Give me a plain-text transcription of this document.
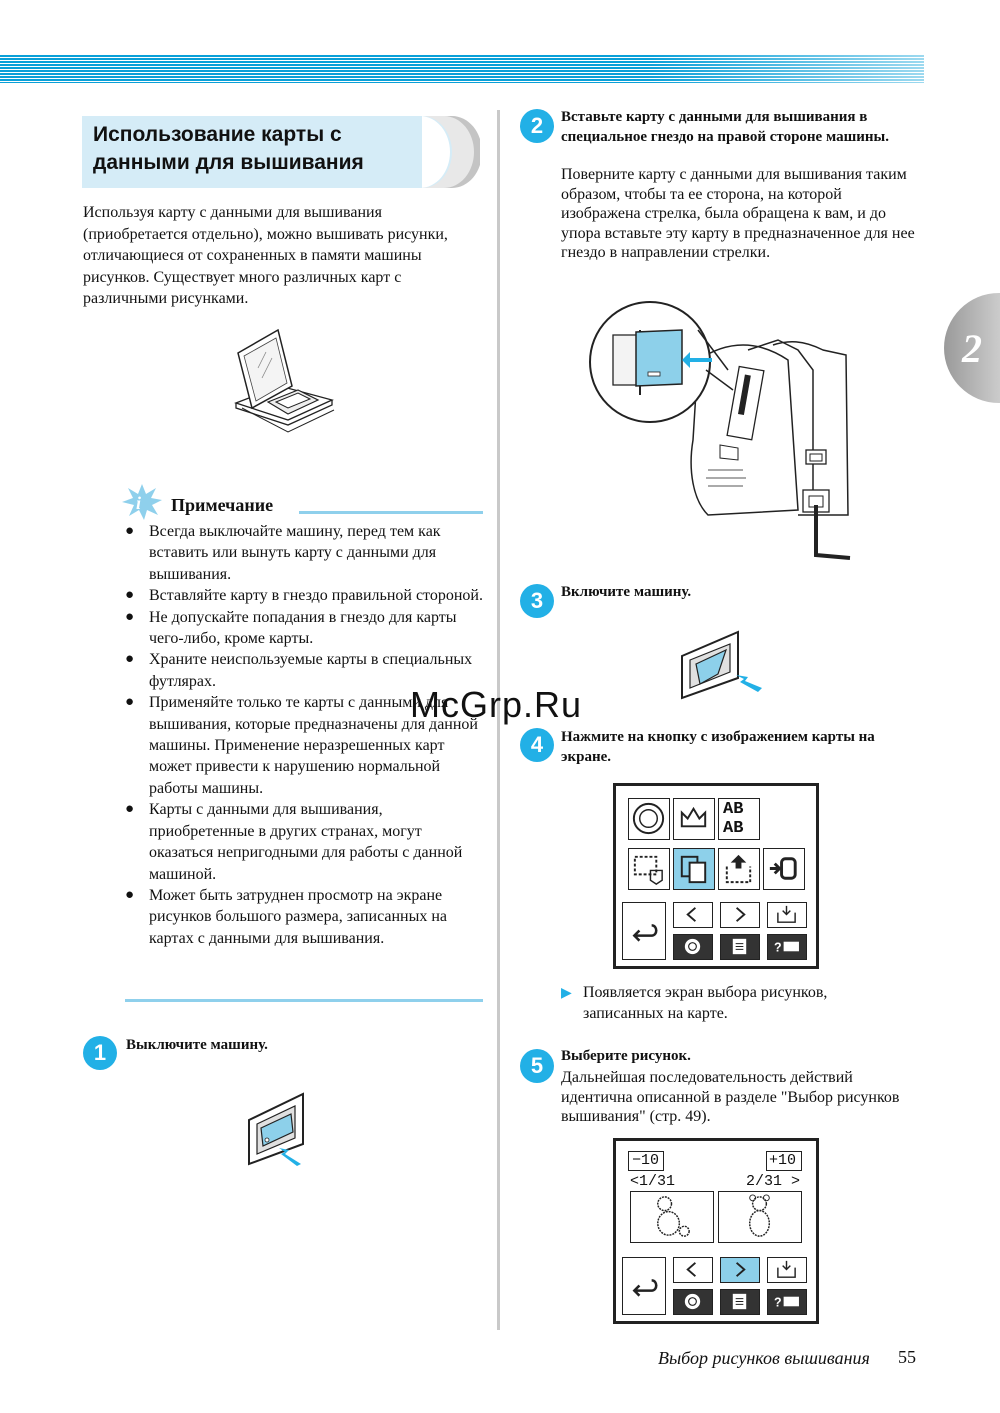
Использование карты с данными для вышивания
Используя карту с данными для вышивания (приобретается отдельно), можно вышивать рисунки, отличающиеся от сохраненных в памяти машины рисунков. Существует много различных карт с различными рисунками.
i Примечание
● Всегда выключайте машину, перед тем как вставить или вынуть карту с данными для вышивания.
● Вставляйте карту в гнездо правильной стороной.
● Не допускайте попадания в гнездо для карты чего-либо, кроме карты.
● Храните неиспользуемые карты в специальных футлярах.
● Применяйте только те карты с данными для вышивания, которые предназначены для данной машины. Применение неразрешенных карт может привести к нарушению нормальной работы машины.
● Карты с данными для вышивания, приобретенные в других странах, могут оказаться непригодными для работы с данной машиной.
● Может быть затруднен просмотр на экране рисунков большого размера, записанных на картах с данными для вышивания.
1	Выключите машину.
2	Вставьте карту с данными для вышивания в специальное гнездо на правой стороне машины.
Поверните карту с данными для вышивания таким образом, чтобы та ее сторона, на которой изображена стрелка, была обращена к вам, и до упора вставьте эту карту в предназначенное для нее гнездо в направлении стрелки.
3	Включите машину.
McGrp.Ru
4	Нажмите на кнопку с изображением карты на экране.
AB
AB
?
▶ Появляется экран выбора рисунков, записанных на карте.
5	Выберите рисунок.
Дальнейшая последовательность действий идентична описанной в разделе "Выбор рисунков вышивания" (стр. 49).
−10	+10
<1/31	2/31 >
?
2
Выбор рисунков вышивания 55
